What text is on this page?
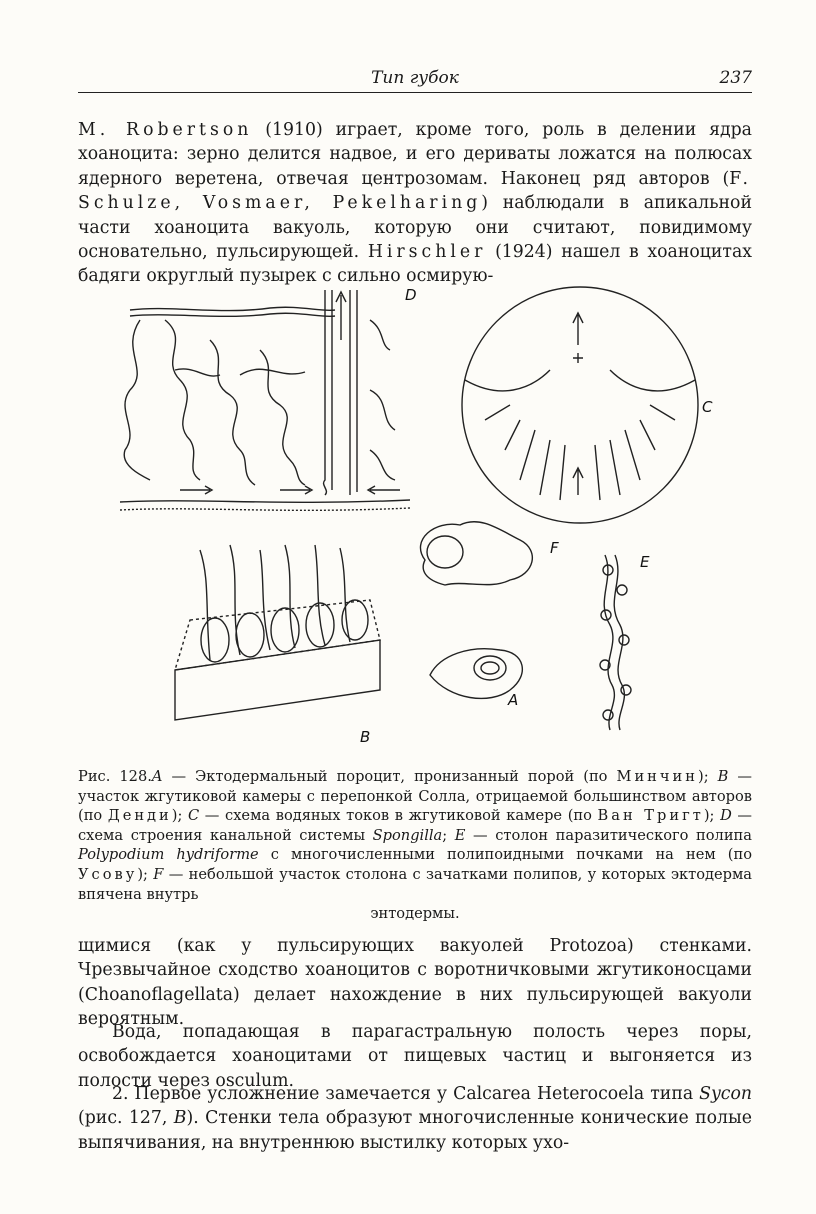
Тип губок	237

M. Robertson (1910) играет, кроме того, роль в делении ядра хоаноцита: зерно делится надвое, и его дериваты ложатся на полюсах ядерного веретена, отвечая центрозомам. Наконец ряд авторов (F. Schulze, Vosmaer, Pekelharing) наблюдали в апикальной части хоаноцита вакуоль, которую они считают, повидимому основательно, пульсирующей. Hirschler (1924) нашел в хоаноцитах бадяги округлый пузырек с сильно осмирую-

D
C
F
E
A
B

Рис. 128.A — Эктодермальный пороцит, пронизанный порой (по Минчин); B — участок жгутиковой камеры с перепонкой Солла, отрицаемой большинством авторов (по Денди); C — схема водяных токов в жгутиковой камере (по Ван Тригт); D — схема строения канальной системы Spongilla; E — столон паразитического полипа Polypodium hydriforme с многочисленными полипоидными почками на нем (по Усову); F — небольшой участок столона с зачатками полипов, у которых эктодерма впячена внутрь
энтодермы.

щимися (как у пульсирующих вакуолей Protozoa) стенками. Чрезвычайное сходство хоаноцитов с воротничковыми жгутиконосцами (Choanoflagellata) делает нахождение в них пульсирующей вакуоли вероятным.

Вода, попадающая в парагастральную полость через поры, освобождается хоаноцитами от пищевых частиц и выгоняется из полости через osculum.

2. Первое усложнение замечается у Calcarea Heterocoela типа Sycon (рис. 127, B). Стенки тела образуют многочисленные коничеcкие полые выпячивания, на внутреннюю выстилку которых ухо-
